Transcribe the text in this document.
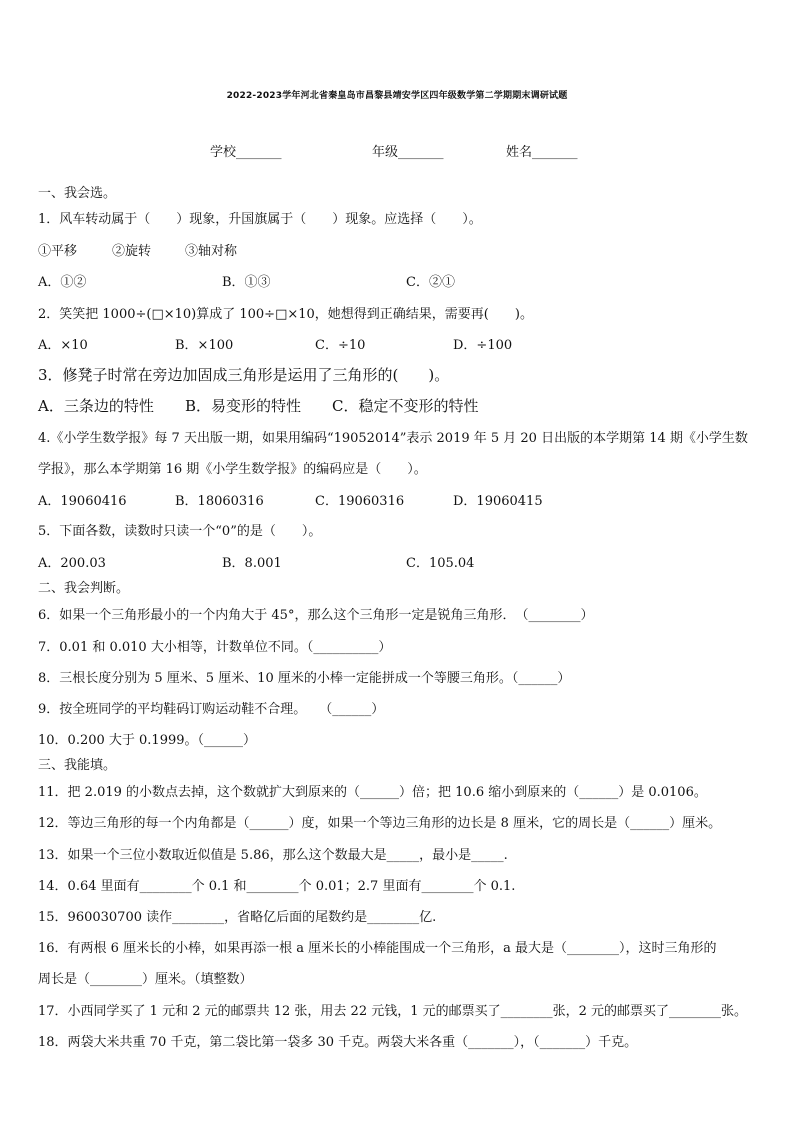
2022-2023学年河北省秦皇岛市昌黎县靖安学区四年级数学第二学期期末调研试题
学校_______	年级_______	姓名_______
一、我会选。
1．风车转动属于（　　）现象，升国旗属于（　　）现象。应选择（　　）。
①平移	②旋转	③轴对称
A．①②	B．①③	C．②①
2．笑笑把 1000÷(□×10)算成了 100÷□×10，她想得到正确结果，需要再(　　)。
A．×10	B．×100	C．÷10	D．÷100
3．修凳子时常在旁边加固成三角形是运用了三角形的(　　)。
A．三条边的特性 B．易变形的特性 C．稳定不变形的特性
4.《小学生数学报》每 7 天出版一期，如果用编码“19052014”表示 2019 年 5 月 20 日出版的本学期第 14 期《小学生数
学报》，那么本学期第 16 期《小学生数学报》的编码应是（　　）。
A．19060416	B．18060316	C．19060316	D．19060415
5．下面各数，读数时只读一个“0”的是（　　）。
A．200.03	B．8.001	C．105.04
二、我会判断。
6．如果一个三角形最小的一个内角大于 45°，那么这个三角形一定是锐角三角形．　（________）
7．0.01 和 0.010 大小相等，计数单位不同。（__________）
8．三根长度分别为 5 厘米、5 厘米、10 厘米的小棒一定能拼成一个等腰三角形。（______）
9．按全班同学的平均鞋码订购运动鞋不合理。　　（______）
10．0.200 大于 0.1999。（______）
三、我能填。
11．把 2.019 的小数点去掉，这个数就扩大到原来的（______）倍；把 10.6 缩小到原来的（______）是 0.0106。
12．等边三角形的每一个内角都是（______）度，如果一个等边三角形的边长是 8 厘米，它的周长是（______）厘米。
13．如果一个三位小数取近似值是 5.86，那么这个数最大是_____，最小是_____.
14．0.64 里面有________个 0.1 和________个 0.01；2.7 里面有________个 0.1.
15．960030700 读作________，省略亿后面的尾数约是________亿.
16．有两根 6 厘米长的小棒，如果再添一根 a 厘米长的小棒能围成一个三角形，a 最大是（________），这时三角形的
周长是（________）厘米。（填整数）
17．小西同学买了 1 元和 2 元的邮票共 12 张，用去 22 元钱，1 元的邮票买了________张，2 元的邮票买了________张。
18．两袋大米共重 70 千克，第二袋比第一袋多 30 千克。两袋大米各重（_______），（_______）千克。
